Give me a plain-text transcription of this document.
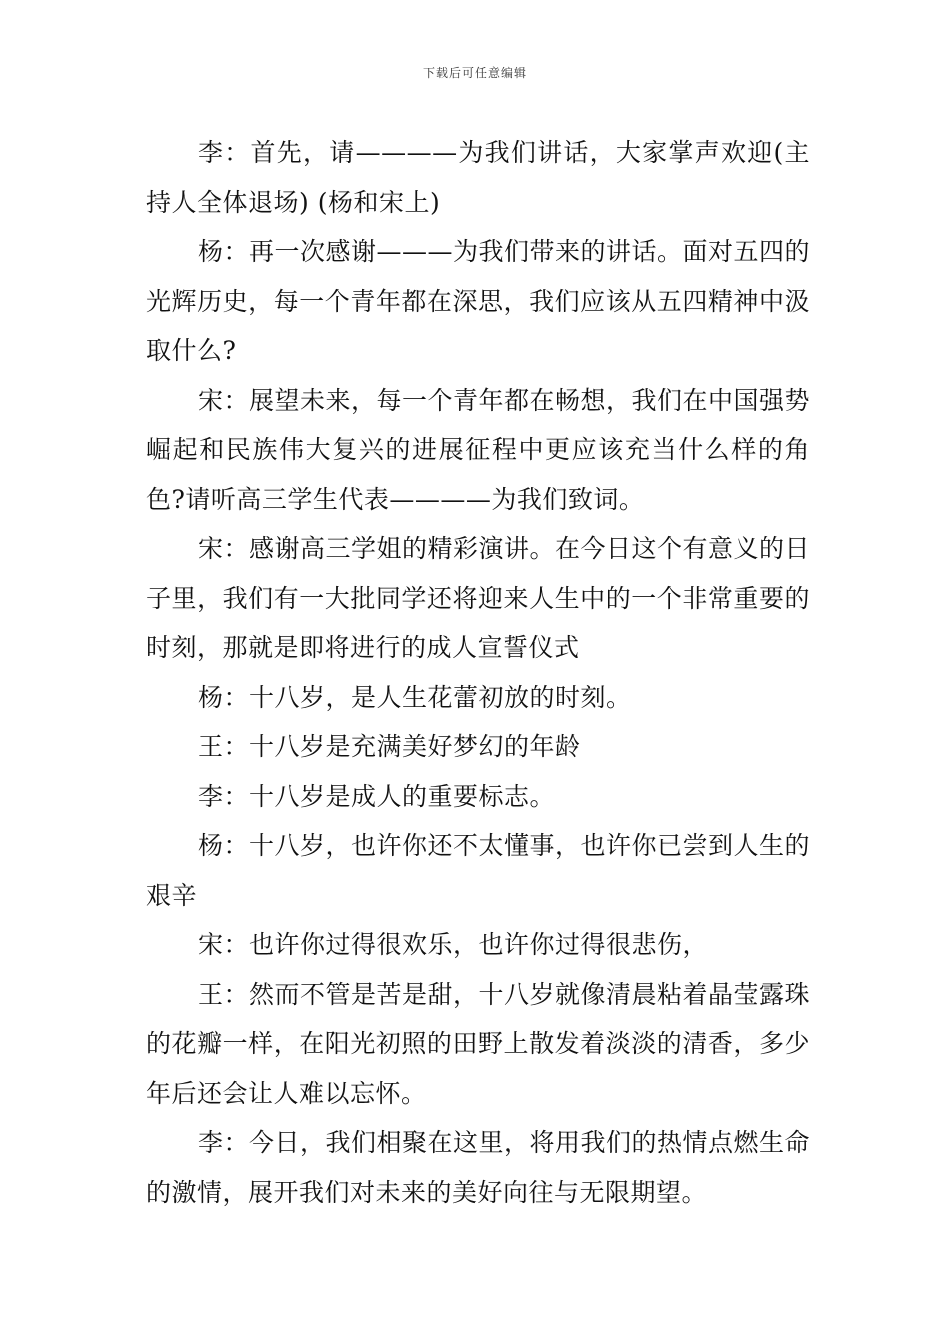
下载后可任意编辑

李：首先，请————为我们讲话，大家掌声欢迎(主持人全体退场) (杨和宋上)

杨：再一次感谢———为我们带来的讲话。面对五四的光辉历史，每一个青年都在深思，我们应该从五四精神中汲取什么?

宋：展望未来，每一个青年都在畅想，我们在中国强势崛起和民族伟大复兴的进展征程中更应该充当什么样的角色?请听高三学生代表————为我们致词。

宋：感谢高三学姐的精彩演讲。在今日这个有意义的日子里，我们有一大批同学还将迎来人生中的一个非常重要的时刻，那就是即将进行的成人宣誓仪式

杨：十八岁，是人生花蕾初放的时刻。

王：十八岁是充满美好梦幻的年龄

李：十八岁是成人的重要标志。

杨：十八岁，也许你还不太懂事，也许你已尝到人生的艰辛

宋：也许你过得很欢乐，也许你过得很悲伤，

王：然而不管是苦是甜，十八岁就像清晨粘着晶莹露珠的花瓣一样，在阳光初照的田野上散发着淡淡的清香，多少年后还会让人难以忘怀。

李：今日，我们相聚在这里，将用我们的热情点燃生命的激情，展开我们对未来的美好向往与无限期望。
